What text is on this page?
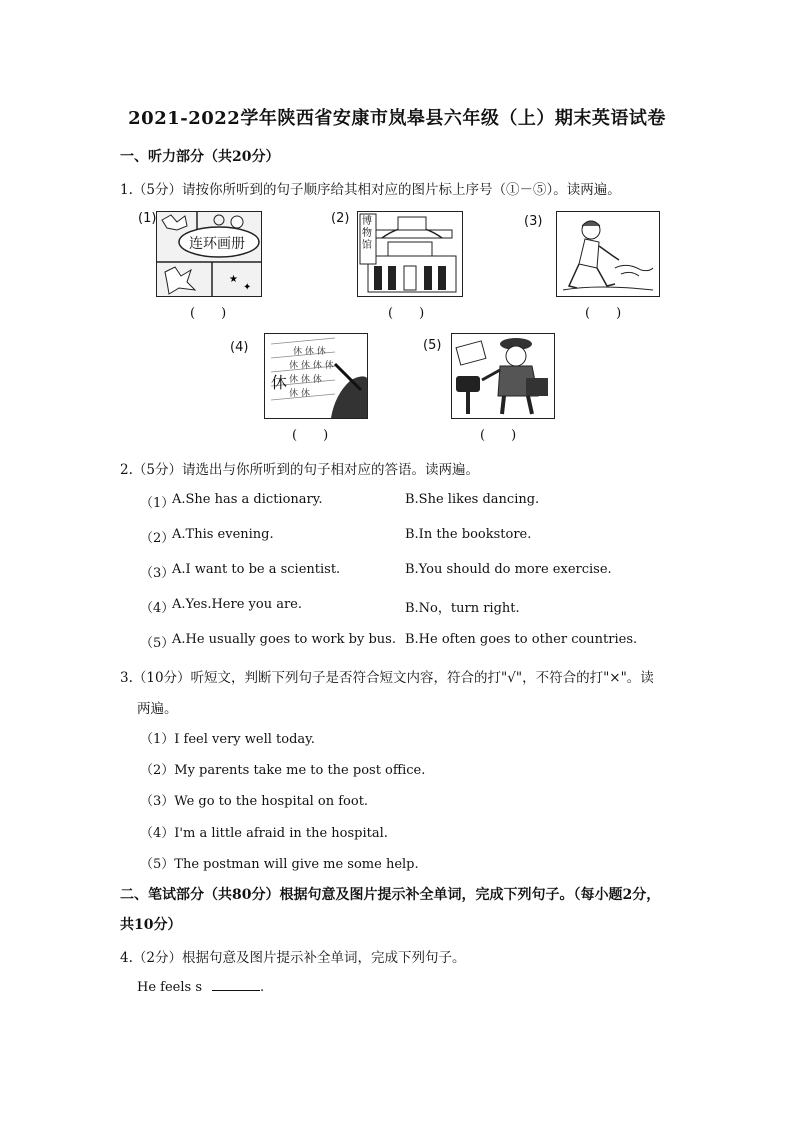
2021-2022学年陕西省安康市岚皋县六年级（上）期末英语试卷
一、听力部分（共20分）
1.（5分）请按你所听到的句子顺序给其相对应的图片标上序号（①－⑤）。读两遍。
(1)
★
✦
连环画册
(　　)
(2) 博物馆
(　　)
(3)
(　　)
(4)	休 休 休
休 休 休 休
休 休 休
休 休
休
(　　)
(5)
(　　)
2.（5分）请选出与你所听到的句子相对应的答语。读两遍。
（1）
A.She has a dictionary.	B.She likes dancing.
（2）
A.This evening.	B.In the bookstore.
（3）
A.I want to be a scientist.	B.You should do more exercise.
（4）
A.Yes.Here you are.	B.No，turn right.
（5）
A.He usually goes to work by bus. B.He often goes to other countries.
3.（10分）听短文，判断下列句子是否符合短文内容，符合的打"√"，不符合的打"×"。读
两遍。
（1）I feel very well today.
（2）My parents take me to the post office.
（3）We go to the hospital on foot.
（4）I'm a little afraid in the hospital.
（5）The postman will give me some help.
二、笔试部分（共80分）根据句意及图片提示补全单词，完成下列句子。（每小题2分，
共10分）
4.（2分）根据句意及图片提示补全单词，完成下列句子。
He feels s	.
